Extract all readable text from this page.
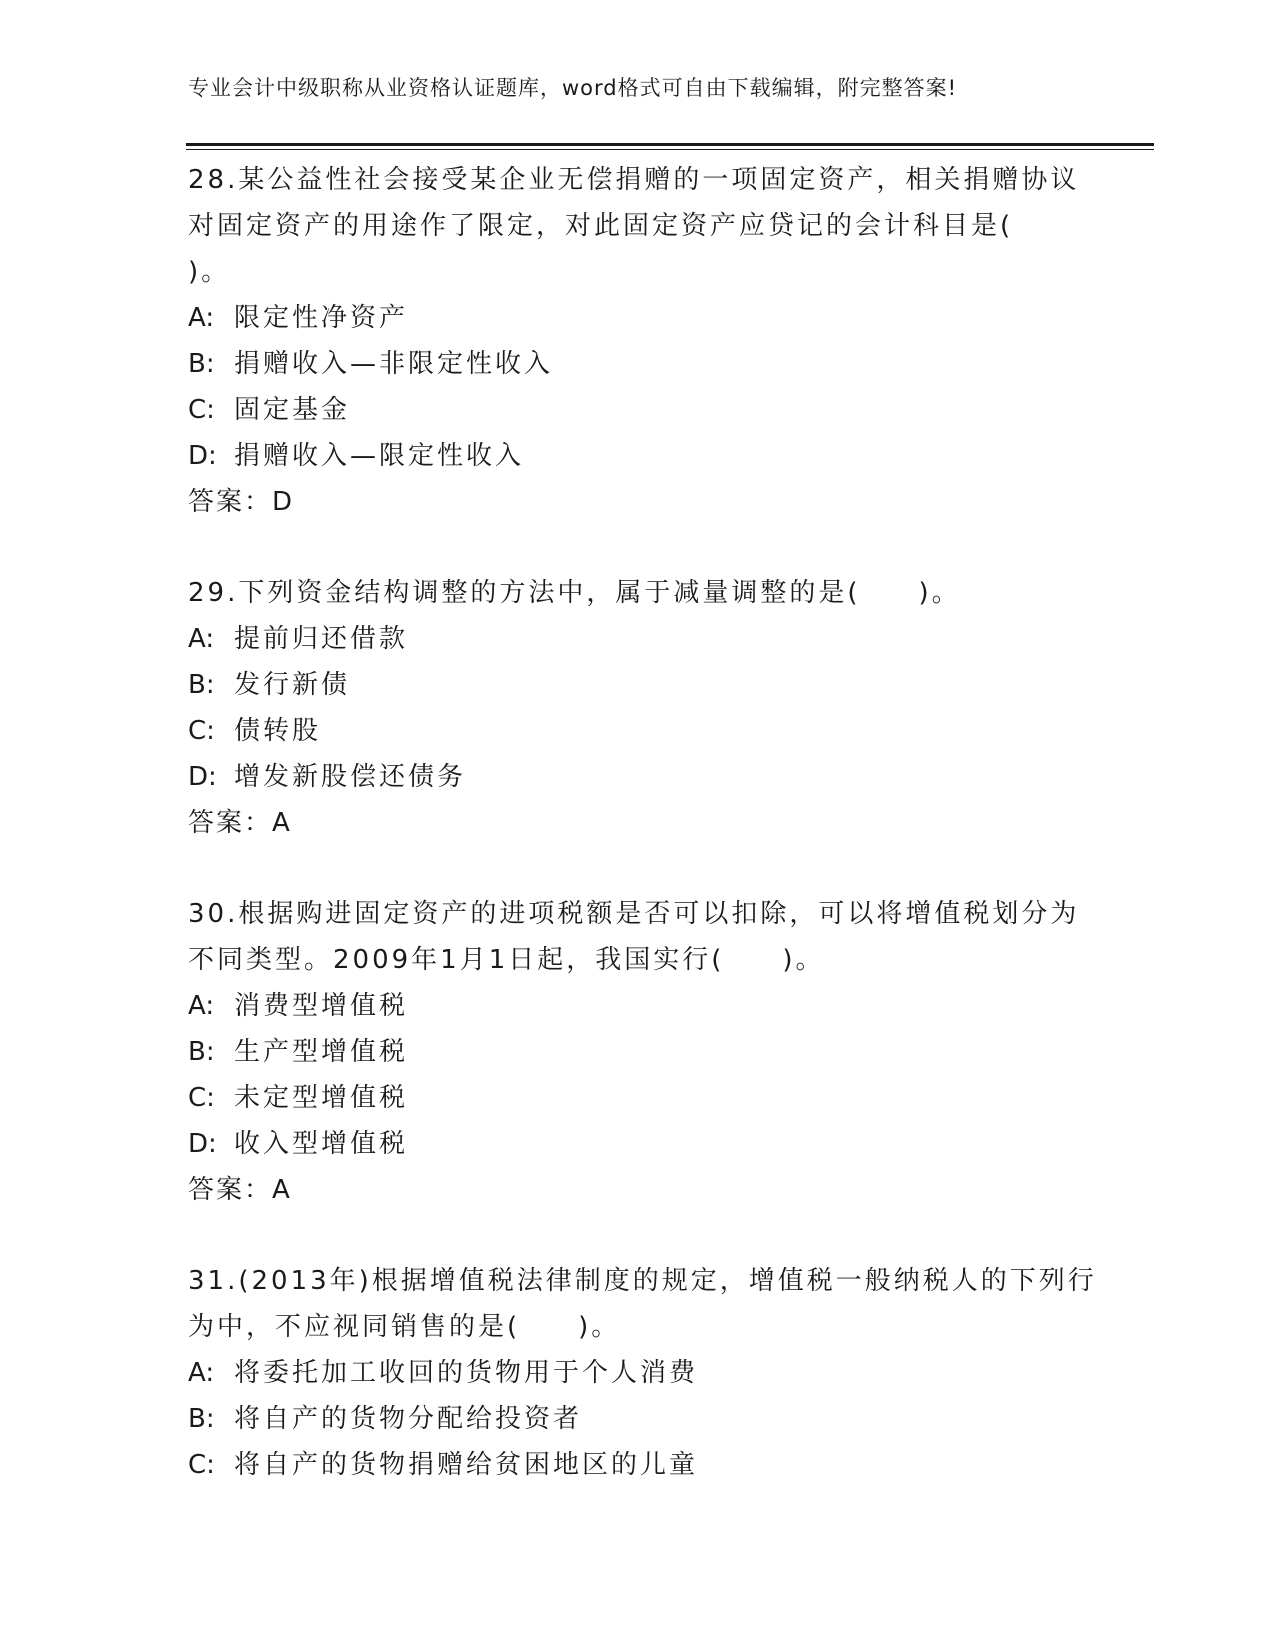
专业会计中级职称从业资格认证题库，word格式可自由下载编辑，附完整答案!
28.某公益性社会接受某企业无偿捐赠的一项固定资产，相关捐赠协议
对固定资产的用途作了限定，对此固定资产应贷记的会计科目是(
)。
A: 限定性净资产
B: 捐赠收入—非限定性收入
C: 固定基金
D: 捐赠收入—限定性收入
答案：D
29.下列资金结构调整的方法中，属于减量调整的是(　　)。
A: 提前归还借款
B: 发行新债
C: 债转股
D: 增发新股偿还债务
答案：A
30.根据购进固定资产的进项税额是否可以扣除，可以将增值税划分为
不同类型。2009年1月1日起，我国实行(　　)。
A: 消费型增值税
B: 生产型增值税
C: 未定型增值税
D: 收入型增值税
答案：A
31.(2013年)根据增值税法律制度的规定，增值税一般纳税人的下列行
为中，不应视同销售的是(　　)。
A: 将委托加工收回的货物用于个人消费
B: 将自产的货物分配给投资者
C: 将自产的货物捐赠给贫困地区的儿童
